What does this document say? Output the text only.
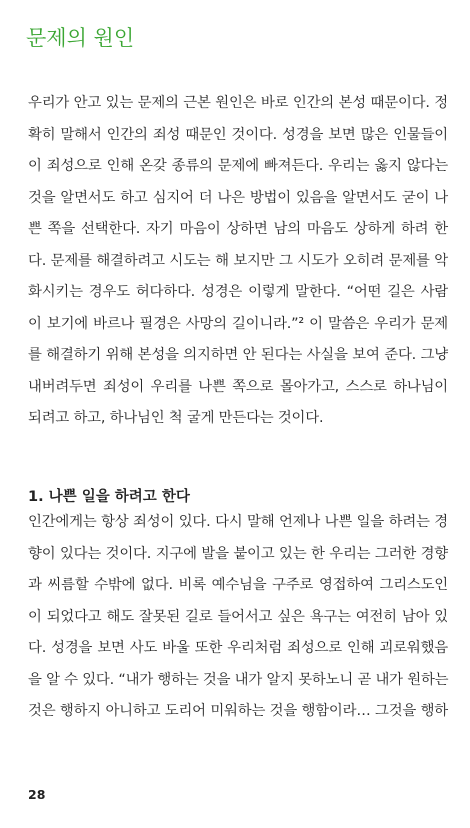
문제의 원인
우리가 안고 있는 문제의 근본 원인은 바로 인간의 본성 때문이다. 정
확히 말해서 인간의 죄성 때문인 것이다. 성경을 보면 많은 인물들이
이 죄성으로 인해 온갖 종류의 문제에 빠져든다. 우리는 옳지 않다는
것을 알면서도 하고 심지어 더 나은 방법이 있음을 알면서도 굳이 나
쁜 쪽을 선택한다. 자기 마음이 상하면 남의 마음도 상하게 하려 한
다. 문제를 해결하려고 시도는 해 보지만 그 시도가 오히려 문제를 악
화시키는 경우도 허다하다. 성경은 이렇게 말한다. “어떤 길은 사람
이 보기에 바르나 필경은 사망의 길이니라.”² 이 말씀은 우리가 문제
를 해결하기 위해 본성을 의지하면 안 된다는 사실을 보여 준다. 그냥
내버려두면 죄성이 우리를 나쁜 쪽으로 몰아가고, 스스로 하나님이
되려고 하고, 하나님인 척 굴게 만든다는 것이다.
1. 나쁜 일을 하려고 한다
인간에게는 항상 죄성이 있다. 다시 말해 언제나 나쁜 일을 하려는 경
향이 있다는 것이다. 지구에 발을 붙이고 있는 한 우리는 그러한 경향
과 씨름할 수밖에 없다. 비록 예수님을 구주로 영접하여 그리스도인
이 되었다고 해도 잘못된 길로 들어서고 싶은 욕구는 여전히 남아 있
다. 성경을 보면 사도 바울 또한 우리처럼 죄성으로 인해 괴로워했음
을 알 수 있다. “내가 행하는 것을 내가 알지 못하노니 곧 내가 원하는
것은 행하지 아니하고 도리어 미워하는 것을 행함이라… 그것을 행하
28
